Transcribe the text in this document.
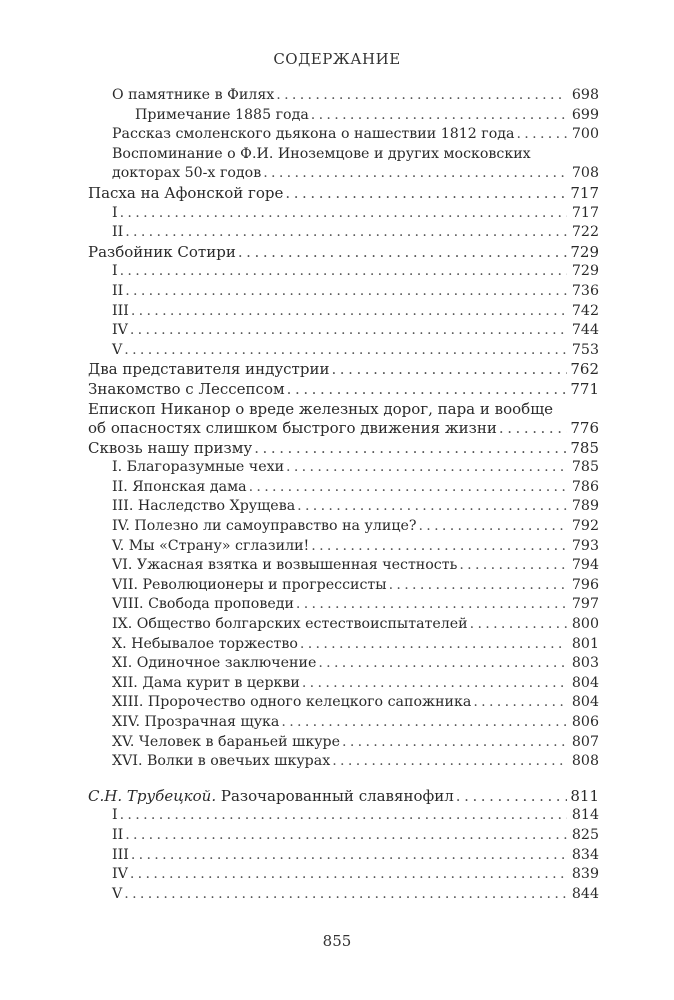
СОДЕРЖАНИЕ
О памятнике в Филях . . .	698
Примечание 1885 года . . .	699
Рассказ смоленского дьякона о нашествии 1812 года . . .	700
Воспоминание о Ф.И. Иноземцове и других московских
докторах 50-х годов . . .	708
Пасха на Афонской горе . . .	717
I . . .	717
II . . .	722
Разбойник Сотири . . .	729
I . . .	729
II . . .	736
III . . .	742
IV . . .	744
V . . .	753
Два представителя индустрии . . .	762
Знакомство с Лессепсом . . .	771
Епископ Никанор о вреде железных дорог, пара и вообще
об опасностях слишком быстрого движения жизни . . .	776
Сквозь нашу призму . . .	785
I. Благоразумные чехи . . .	785
II. Японская дама . . .	786
III. Наследство Хрущева . . .	789
IV. Полезно ли самоуправство на улице? . . .	792
V. Мы «Страну» сглазили! . . .	793
VI. Ужасная взятка и возвышенная честность . . .	794
VII. Революционеры и прогрессисты . . .	796
VIII. Свобода проповеди . . .	797
IX. Общество болгарских естествоиспытателей . . .	800
X. Небывалое торжество . . .	801
XI. Одиночное заключение . . .	803
XII. Дама курит в церкви . . .	804
XIII. Пророчество одного келецкого сапожника . . .	804
XIV. Прозрачная щука . . .	806
XV. Человек в бараньей шкуре . . .	807
XVI. Волки в овечьих шкурах . . .	808
С.Н. Трубецкой. Разочарованный славянофил . . .	811
I . . .	814
II . . .	825
III . . .	834
IV . . .	839
V . . .	844
855
